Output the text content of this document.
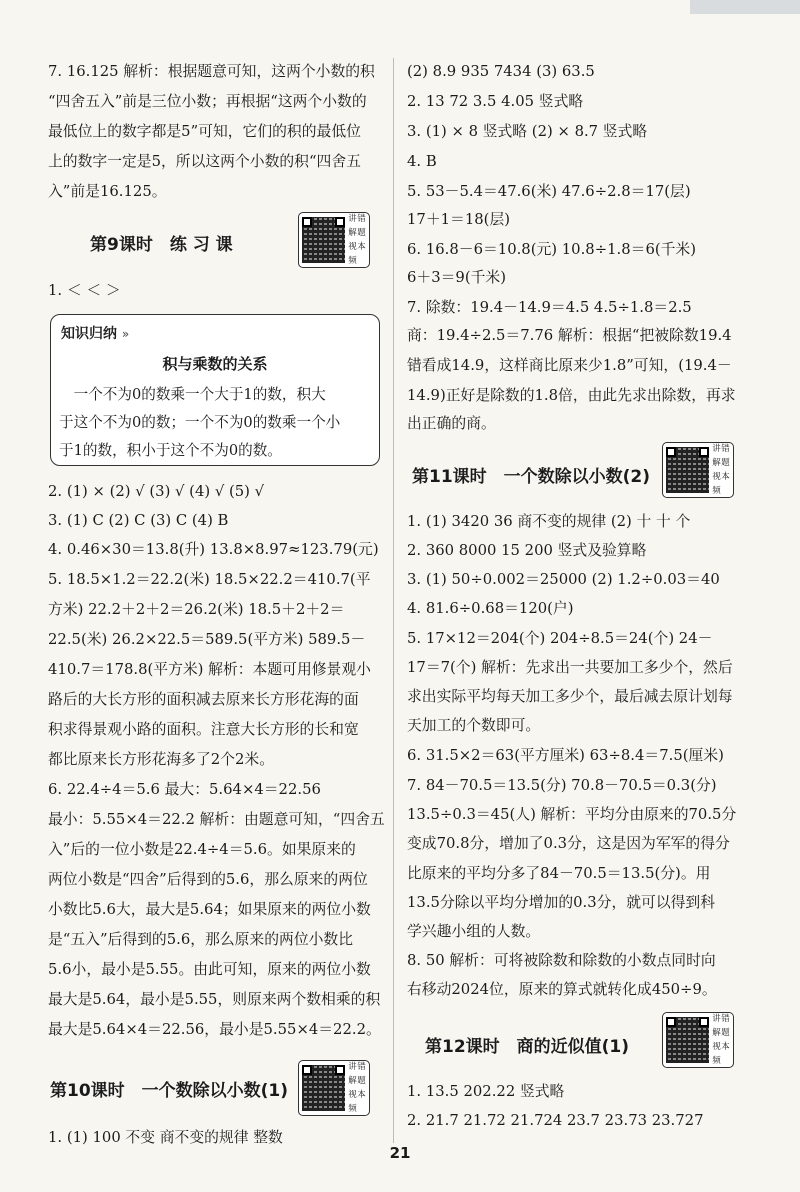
7. 16.125 解析：根据题意可知，这两个小数的积
“四舍五入”前是三位小数；再根据“这两个小数的
最低位上的数字都是5”可知，它们的积的最低位
上的数字一定是5，所以这两个小数的积“四舍五
入”前是16.125。
第9课时　练 习 课
讲 错
解 题
视 本
频
1. ＜ ＜ ＞
知识归纳 »
积与乘数的关系
　一个不为0的数乘一个大于1的数，积大
于这个不为0的数；一个不为0的数乘一个小
于1的数，积小于这个不为0的数。
2. (1) × (2) √ (3) √ (4) √ (5) √
3. (1) C (2) C (3) C (4) B
4. 0.46×30＝13.8(升) 13.8×8.97≈123.79(元)
5. 18.5×1.2＝22.2(米) 18.5×22.2＝410.7(平
方米) 22.2＋2＋2＝26.2(米) 18.5＋2＋2＝
22.5(米) 26.2×22.5＝589.5(平方米) 589.5－
410.7＝178.8(平方米) 解析：本题可用修景观小
路后的大长方形的面积减去原来长方形花海的面
积求得景观小路的面积。注意大长方形的长和宽
都比原来长方形花海多了2个2米。
6. 22.4÷4＝5.6 最大：5.64×4＝22.56
最小：5.55×4＝22.2 解析：由题意可知，“四舍五
入”后的一位小数是22.4÷4＝5.6。如果原来的
两位小数是“四舍”后得到的5.6，那么原来的两位
小数比5.6大，最大是5.64；如果原来的两位小数
是“五入”后得到的5.6，那么原来的两位小数比
5.6小，最小是5.55。由此可知，原来的两位小数
最大是5.64，最小是5.55，则原来两个数相乘的积
最大是5.64×4＝22.56，最小是5.55×4＝22.2。
第10课时　一个数除以小数(1)
讲 错
解 题
视 本
频
1. (1) 100 不变 商不变的规律 整数
(2) 8.9 935 7434 (3) 63.5
2. 13 72 3.5 4.05 竖式略
3. (1) × 8 竖式略 (2) × 8.7 竖式略
4. B
5. 53－5.4＝47.6(米) 47.6÷2.8＝17(层)
17＋1＝18(层)
6. 16.8－6＝10.8(元) 10.8÷1.8＝6(千米)
6＋3＝9(千米)
7. 除数：19.4－14.9＝4.5 4.5÷1.8＝2.5
商：19.4÷2.5＝7.76 解析：根据“把被除数19.4
错看成14.9，这样商比原来少1.8”可知，(19.4－
14.9)正好是除数的1.8倍，由此先求出除数，再求
出正确的商。
第11课时　一个数除以小数(2)
讲 错
解 题
视 本
频
1. (1) 3420 36 商不变的规律 (2) 十 十 个
2. 360 8000 15 200 竖式及验算略
3. (1) 50÷0.002＝25000 (2) 1.2÷0.03＝40
4. 81.6÷0.68＝120(户)
5. 17×12＝204(个) 204÷8.5＝24(个) 24－
17＝7(个) 解析：先求出一共要加工多少个，然后
求出实际平均每天加工多少个，最后减去原计划每
天加工的个数即可。
6. 31.5×2＝63(平方厘米) 63÷8.4＝7.5(厘米)
7. 84－70.5＝13.5(分) 70.8－70.5＝0.3(分)
13.5÷0.3＝45(人) 解析：平均分由原来的70.5分
变成70.8分，增加了0.3分，这是因为军军的得分
比原来的平均分多了84－70.5＝13.5(分)。用
13.5分除以平均分增加的0.3分，就可以得到科
学兴趣小组的人数。
8. 50 解析：可将被除数和除数的小数点同时向
右移动2024位，原来的算式就转化成450÷9。
第12课时　商的近似值(1)
讲 错
解 题
视 本
频
1. 13.5 202.22 竖式略
2. 21.7 21.72 21.724 23.7 23.73 23.727
21
